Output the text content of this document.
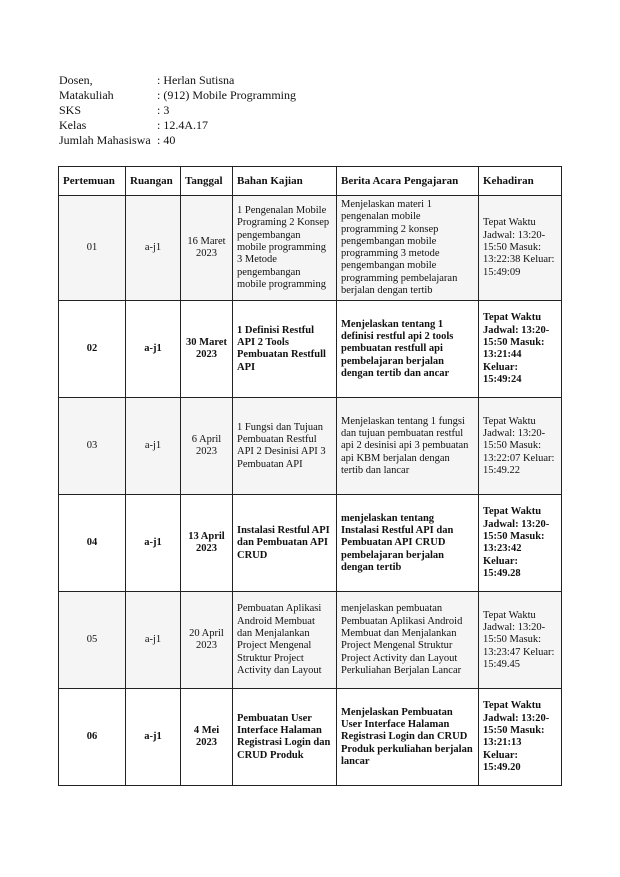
Dosen,	: Herlan Sutisna
Matakuliah	: (912) Mobile Programming
SKS	: 3
Kelas	: 12.4A.17
Jumlah Mahasiswa : 40
Pertemuan	Ruangan	Tanggal	Bahan Kajian	Berita Acara Pengajaran	Kehadiran
01	a-j1	16 Maret 2023	1 Pengenalan Mobile Programing 2 Konsep pengembangan mobile programming 3 Metode pengembangan mobile programming	Menjelaskan materi 1 pengenalan mobile programming 2 konsep pengembangan mobile programming 3 metode pengembangan mobile programming pembelajaran berjalan dengan tertib	Tepat Waktu Jadwal: 13:20-15:50 Masuk: 13:22:38 Keluar: 15:49:09
02	a-j1	30 Maret 2023	1 Definisi Restful API 2 Tools Pembuatan Restfull API	Menjelaskan tentang 1 definisi restful api 2 tools pembuatan restfull api pembelajaran berjalan dengan tertib dan ancar	Tepat Waktu Jadwal: 13:20-15:50 Masuk: 13:21:44 Keluar: 15:49:24
03	a-j1	6 April 2023	1 Fungsi dan Tujuan Pembuatan Restful API 2 Desinisi API 3 Pembuatan API	Menjelaskan tentang 1 fungsi dan tujuan pembuatan restful api 2 desinisi api 3 pembuatan api KBM berjalan dengan tertib dan lancar	Tepat Waktu Jadwal: 13:20-15:50 Masuk: 13:22:07 Keluar: 15:49.22
04	a-j1	13 April 2023	Instalasi Restful API dan Pembuatan API CRUD	menjelaskan tentang Instalasi Restful API dan Pembuatan API CRUD pembelajaran berjalan dengan tertib	Tepat Waktu Jadwal: 13:20-15:50 Masuk: 13:23:42 Keluar: 15:49.28
05	a-j1	20 April 2023	Pembuatan Aplikasi Android Membuat dan Menjalankan Project Mengenal Struktur Project Activity dan Layout	menjelaskan pembuatan Pembuatan Aplikasi Android Membuat dan Menjalankan Project Mengenal Struktur Project Activity dan Layout Perkuliahan Berjalan Lancar	Tepat Waktu Jadwal: 13:20-15:50 Masuk: 13:23:47 Keluar: 15:49.45
06	a-j1	4 Mei 2023	Pembuatan User Interface Halaman Registrasi Login dan CRUD Produk	Menjelaskan Pembuatan User Interface Halaman Registrasi Login dan CRUD Produk perkuliahan berjalan lancar	Tepat Waktu Jadwal: 13:20-15:50 Masuk: 13:21:13 Keluar: 15:49.20
